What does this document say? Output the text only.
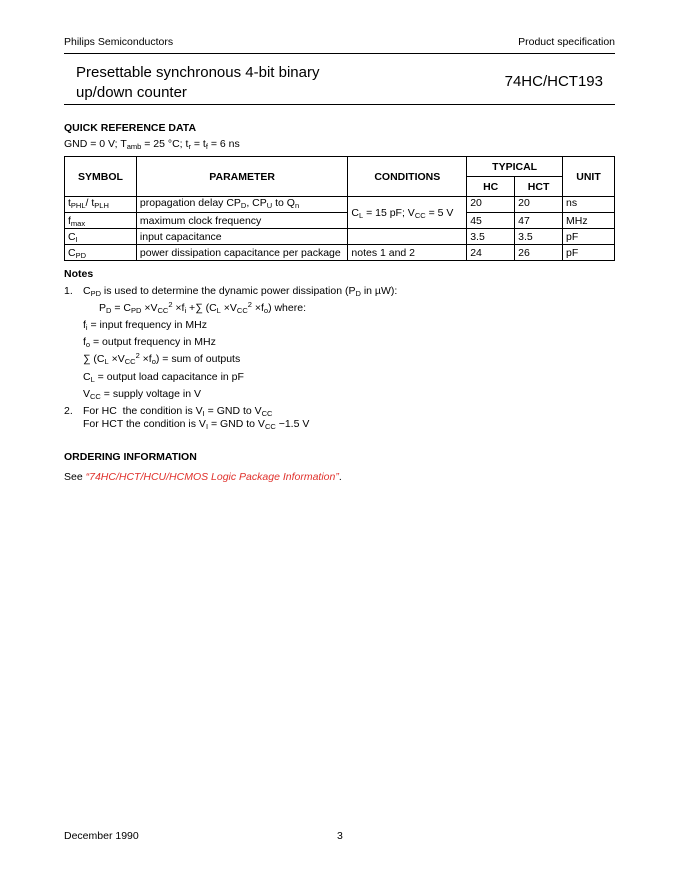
Philips Semiconductors	Product specification
Presettable synchronous 4-bit binary
up/down counter
74HC/HCT193
QUICK REFERENCE DATA
GND = 0 V; $T_{amb} = 25$ °C; $t_r = t_f = 6$ ns
SYMBOL	PARAMETER	CONDITIONS	TYPICAL		UNIT
			HC	HCT	
$t_{PHL}/$ $t_{PLH}$	propagation delay $CP_D$, $CP_U$ to $Q_n$	$C_L = 15$ pF; $V_{CC} = 5$ V	20	20	ns
$f_{max}$	maximum clock frequency		45	47	MHz
$C_I$	input capacitance		3.5	3.5	pF
$C_{PD}$	power dissipation capacitance per package	notes 1 and 2	24	26	pF
Notes
1. $C_{PD}$ is used to determine the dynamic power dissipation ($P_D$ in µW):
$P_D = C_{PD} \times V_{CC}^2 \times f_i$ +∑ $(C_L \times V_{CC}^2 \times f_o)$ where:
$f_i$ = input frequency in MHz
$f_o$ = output frequency in MHz
∑ $(C_L \times V_{CC}^2 \times f_o)$ = sum of outputs
$C_L$ = output load capacitance in pF
$V_{CC}$ = supply voltage in V
2. For HC  the condition is $V_I$ = GND to $V_{CC}$
For HCT the condition is $V_I$ = GND to $V_{CC} -1.5$ V
ORDERING INFORMATION
See “74HC/HCT/HCU/HCMOS Logic Package Information”.
December 1990	3
